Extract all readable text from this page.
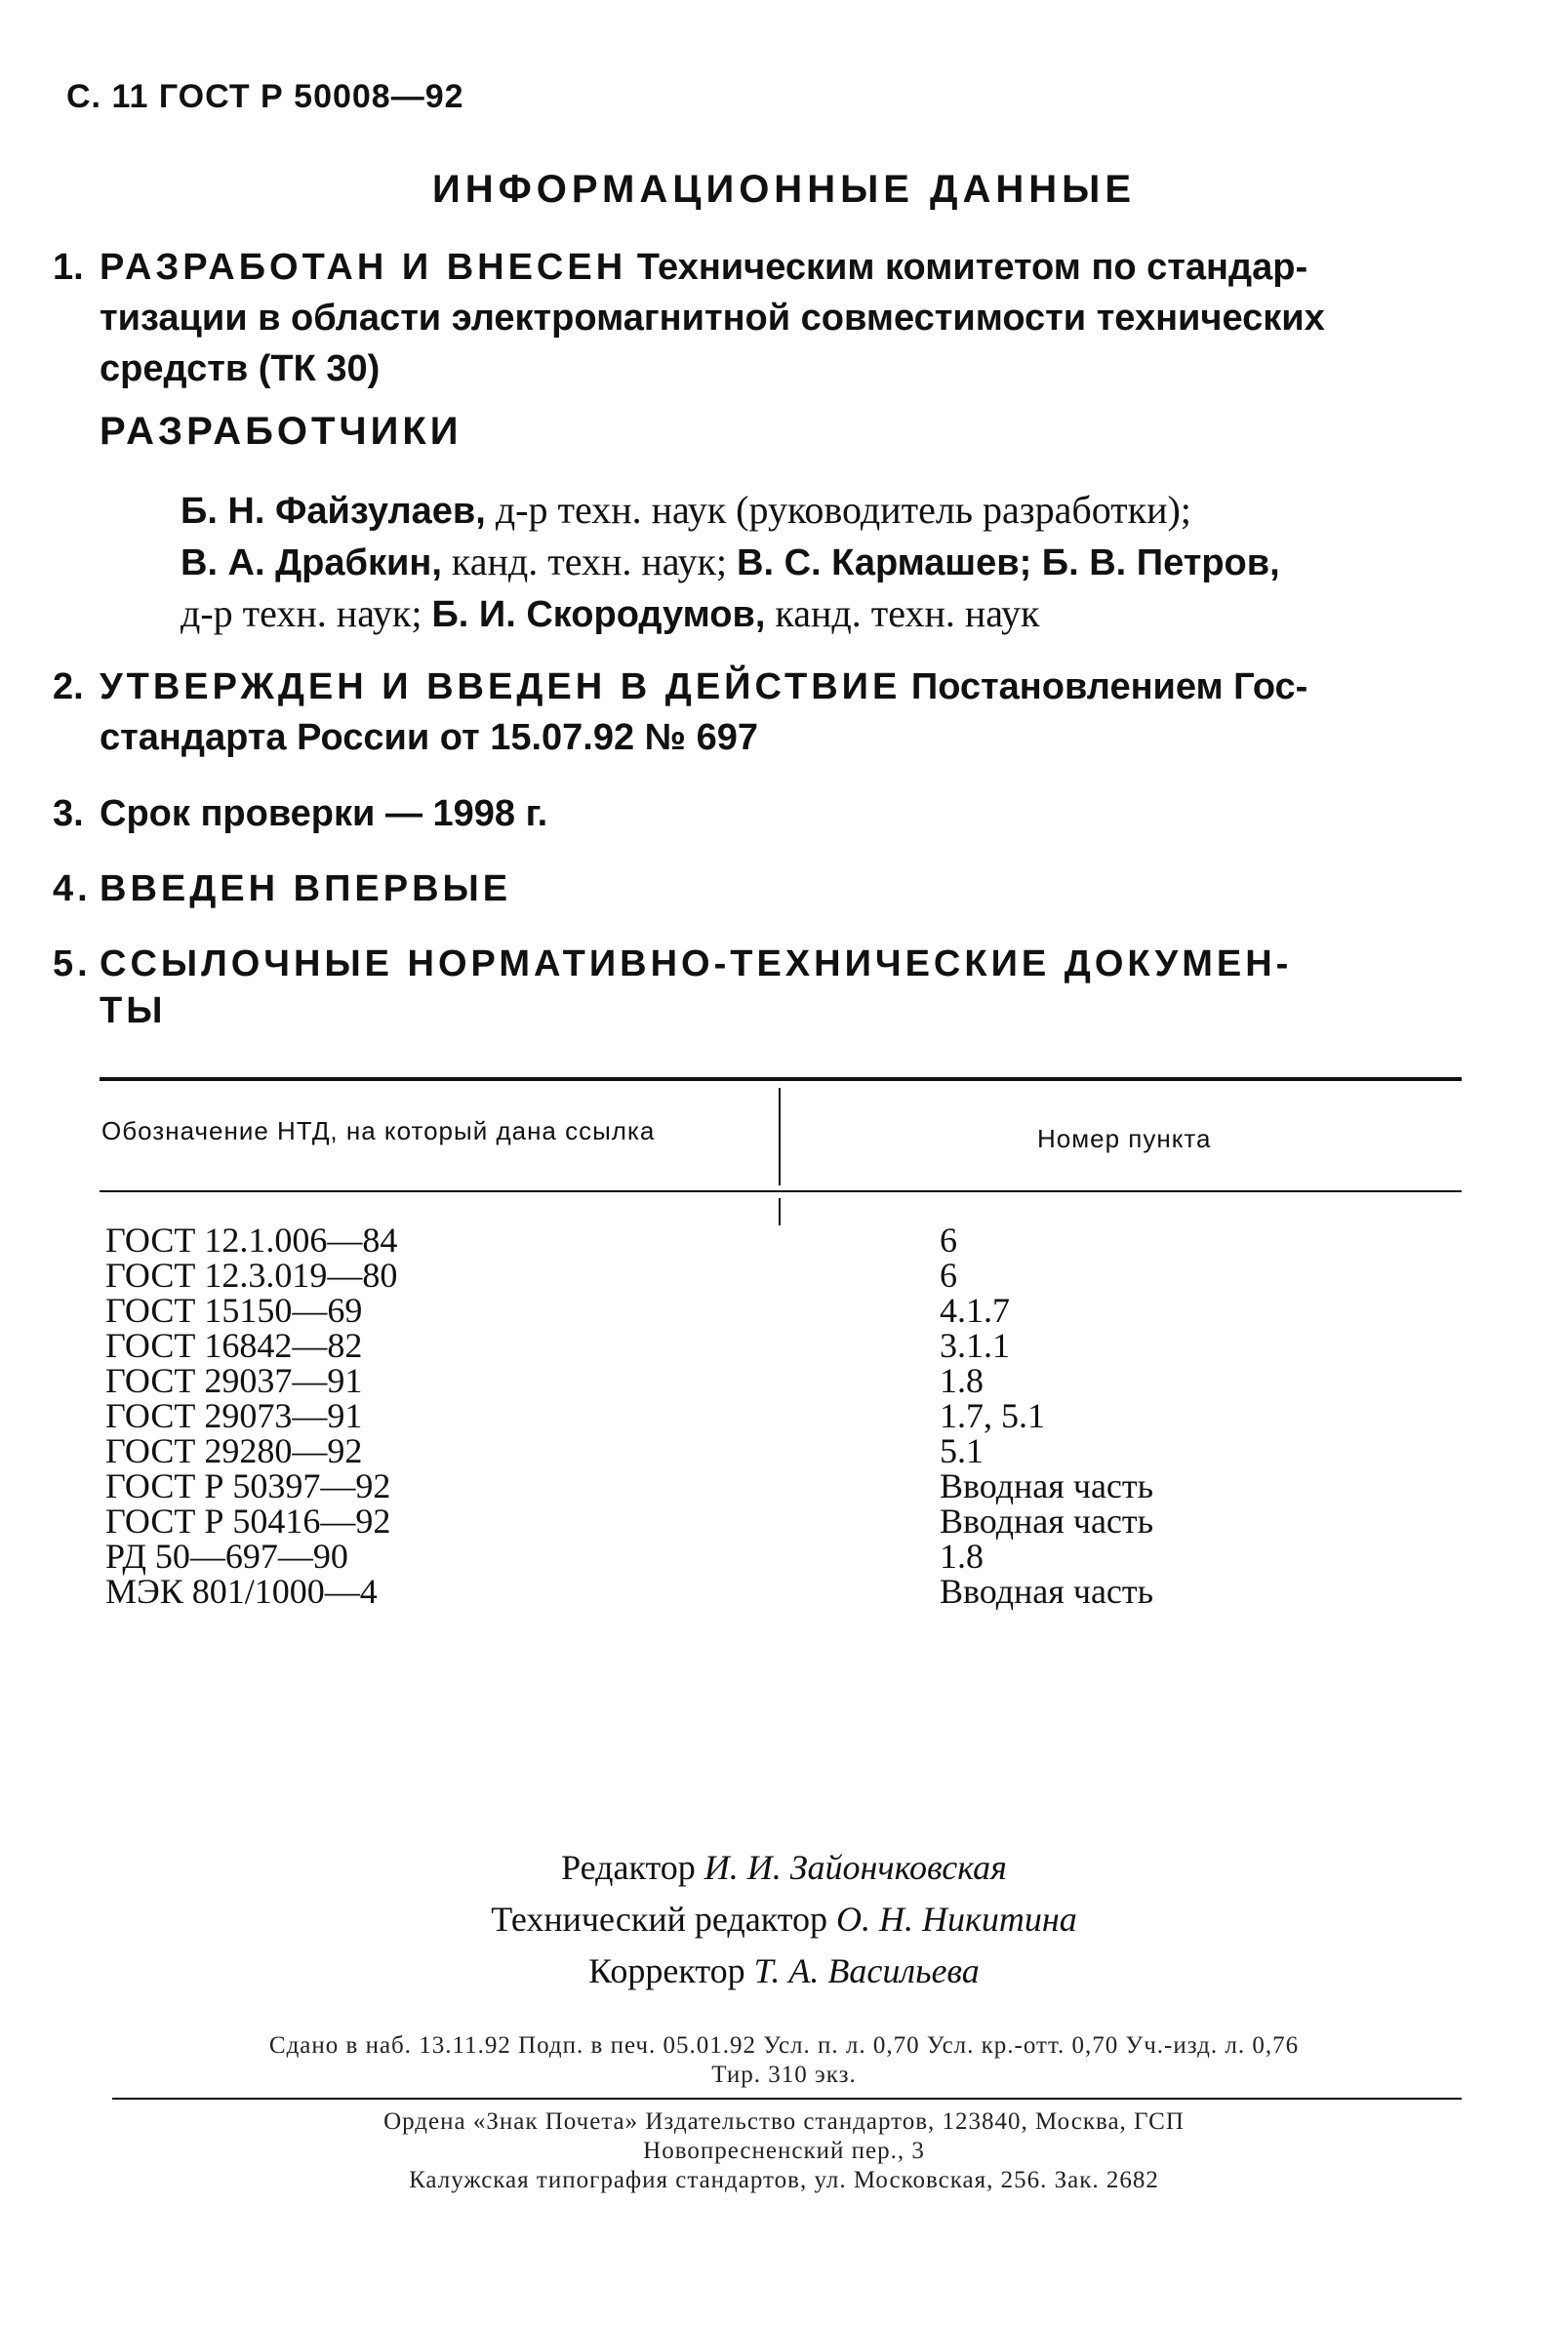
С. 11 ГОСТ Р 50008—92
ИНФОРМАЦИОННЫЕ ДАННЫЕ
1. РАЗРАБОТАН И ВНЕСЕН Техническим комитетом по стандар-
тизации в области электромагнитной совместимости технических
средств (ТК 30)
РАЗРАБОТЧИКИ
Б. Н. Файзулаев, д-р техн. наук (руководитель разработки);
В. А. Драбкин, канд. техн. наук; В. С. Кармашев; Б. В. Петров,
д-р техн. наук; Б. И. Скородумов, канд. техн. наук
2. УТВЕРЖДЕН И ВВЕДЕН В ДЕЙСТВИЕ Постановлением Гос-
стандарта России от 15.07.92 № 697
3. Срок проверки — 1998 г.
4. ВВЕДЕН ВПЕРВЫЕ
5. ССЫЛОЧНЫЕ НОРМАТИВНО-ТЕХНИЧЕСКИЕ ДОКУМЕН-
ТЫ
Обозначение НТД, на который дана ссылка	Номер пункта
ГОСТ 12.1.006—84	6
ГОСТ 12.3.019—80	6
ГОСТ 15150—69	4.1.7
ГОСТ 16842—82	3.1.1
ГОСТ 29037—91	1.8
ГОСТ 29073—91	1.7, 5.1
ГОСТ 29280—92	5.1
ГОСТ Р 50397—92	Вводная часть
ГОСТ Р 50416—92	Вводная часть
РД 50—697—90	1.8
МЭК 801/1000—4	Вводная часть
Редактор И. И. Зайончковская
Технический редактор О. Н. Никитина
Корректор Т. А. Васильева
Сдано в наб. 13.11.92 Подп. в печ. 05.01.92 Усл. п. л. 0,70 Усл. кр.-отт. 0,70 Уч.-изд. л. 0,76
Тир. 310 экз.
Ордена «Знак Почета» Издательство стандартов, 123840, Москва, ГСП
Новопресненский пер., 3
Калужская типография стандартов, ул. Московская, 256. Зак. 2682
